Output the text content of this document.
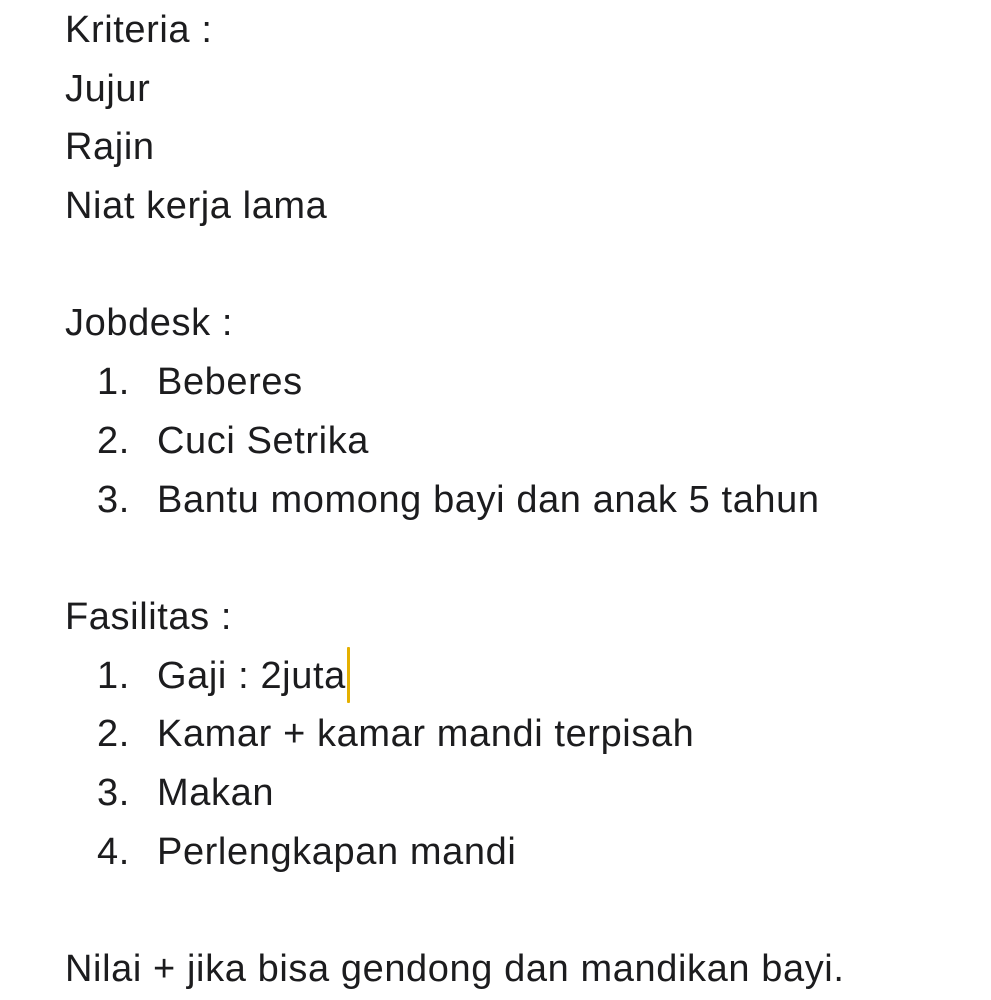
Kriteria :
Jujur
Rajin
Niat kerja lama
Jobdesk :
1. Beberes
2. Cuci Setrika
3. Bantu momong bayi dan anak 5 tahun
Fasilitas :
1. Gaji : 2juta
2. Kamar + kamar mandi terpisah
3. Makan
4. Perlengkapan mandi
Nilai + jika bisa gendong dan mandikan bayi.
